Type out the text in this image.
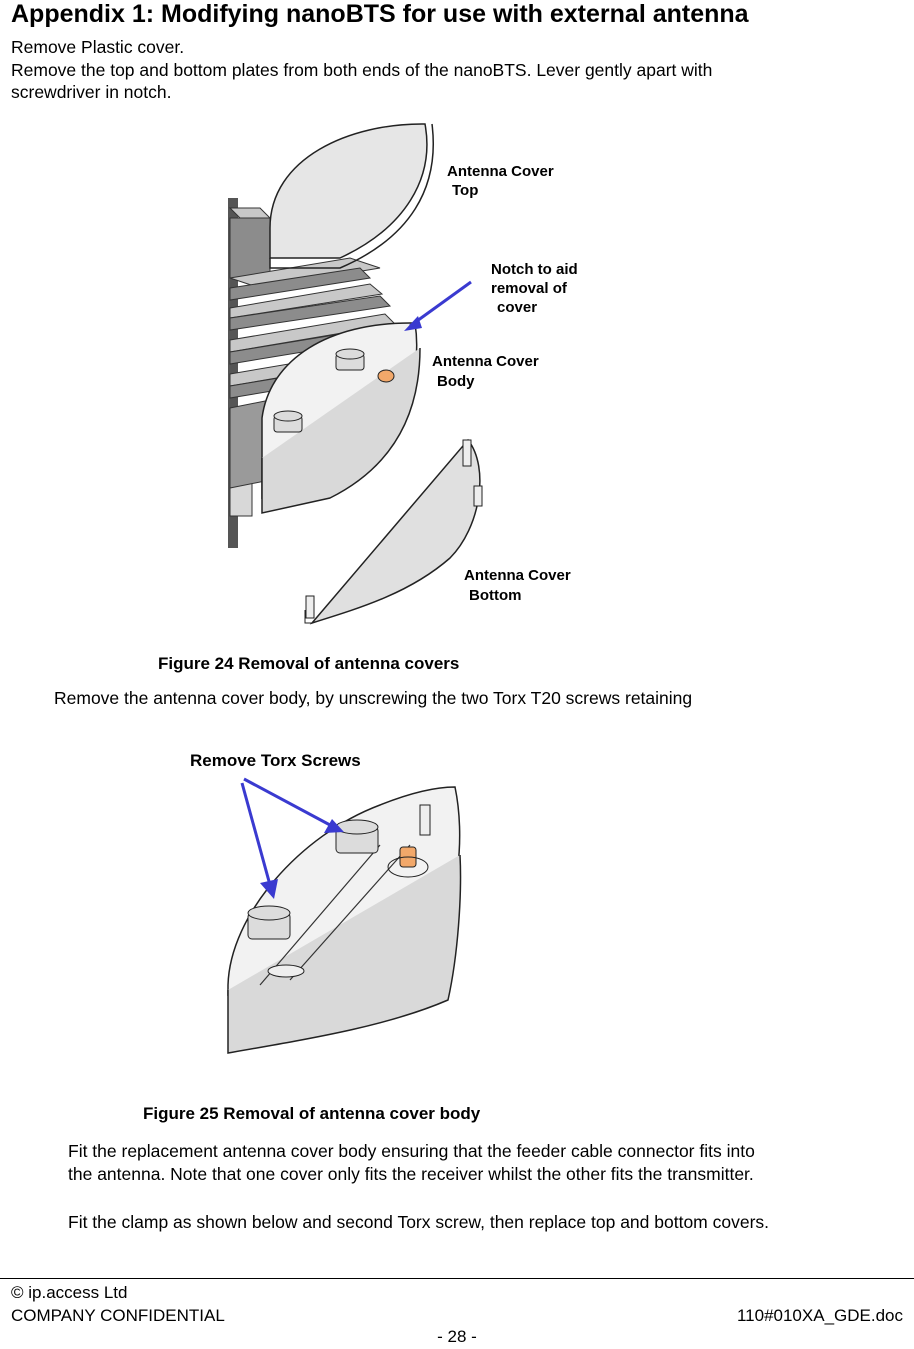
Appendix 1: Modifying nanoBTS for use with external antenna
Remove Plastic cover.
Remove the top and bottom plates from both ends of the nanoBTS. Lever gently apart with
screwdriver in notch.
Antenna Cover
Top
Notch to aid
removal of
cover
Antenna Cover
Body
Antenna Cover
Bottom
Figure 24 Removal of antenna covers
Remove the antenna cover body, by unscrewing the two Torx T20 screws retaining
Remove Torx Screws
Figure 25 Removal of antenna cover body
Fit the replacement antenna cover body ensuring that the feeder cable connector fits into
the antenna. Note that one cover only fits the receiver whilst the other fits the transmitter.
Fit the clamp as shown below and second Torx screw, then replace top and bottom covers.
© ip.access Ltd
COMPANY CONFIDENTIAL	110#010XA_GDE.doc
- 28 -
